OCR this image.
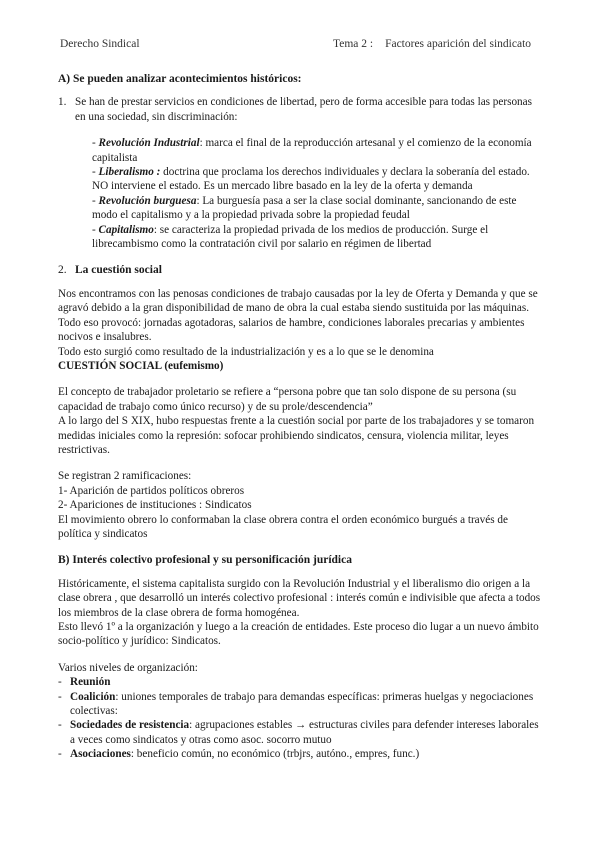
Derecho Sindical	Tema 2 : Factores aparición del sindicato
A) Se pueden analizar acontecimientos históricos:
1. Se han de prestar servicios en condiciones de libertad, pero de forma accesible para todas las personas en una sociedad, sin discriminación:

- Revolución Industrial: marca el final de la reproducción artesanal y el comienzo de la economía capitalista

- Liberalismo : doctrina que proclama los derechos individuales y declara la soberanía del estado. NO interviene el estado. Es un mercado libre basado en la ley de la oferta y demanda

- Revolución burguesa: La burguesía pasa a ser la clase social dominante, sancionando de este modo el capitalismo y a la propiedad privada sobre la propiedad feudal

- Capitalismo: se caracteriza la propiedad privada de los medios de producción. Surge el librecambismo como la contratación civil por salario en régimen de libertad

2. La cuestión social

Nos encontramos con las penosas condiciones de trabajo causadas por la ley de Oferta y Demanda y que se agravó debido a la gran disponibilidad de mano de obra la cual estaba siendo sustituida por las máquinas. Todo eso provocó: jornadas agotadoras, salarios de hambre, condiciones laborales precarias y ambientes nocivos e insalubres.

Todo esto surgió como resultado de la industrialización y es a lo que se le denomina

CUESTIÓN SOCIAL (eufemismo)

El concepto de trabajador proletario se refiere a “persona pobre que tan solo dispone de su persona (su capacidad de trabajo como único recurso) y de su prole/descendencia”

A lo largo del S XIX, hubo respuestas frente a la cuestión social por parte de los trabajadores y se tomaron medidas iniciales como la represión: sofocar prohibiendo sindicatos, censura, violencia militar, leyes restrictivas.

Se registran 2 ramificaciones:

1- Aparición de partidos políticos obreros

2- Apariciones de instituciones : Sindicatos

El movimiento obrero lo conformaban la clase obrera contra el orden económico burgués a través de política y sindicatos

B) Interés colectivo profesional y su personificación jurídica

Históricamente, el sistema capitalista surgido con la Revolución Industrial y el liberalismo dio origen a la clase obrera , que desarrolló un interés colectivo profesional : interés común e indivisible que afecta a todos los miembros de la clase obrera de forma homogénea.

Esto llevó 1º a la organización y luego a la creación de entidades. Este proceso dio lugar a un nuevo ámbito socio-político y jurídico: Sindicatos.

Varios niveles de organización:

- Reunión
- Coalición: uniones temporales de trabajo para demandas específicas: primeras huelgas y negociaciones colectivas:
- Sociedades de resistencia: agrupaciones estables → estructuras civiles para defender intereses laborales a veces como sindicatos y otras como asoc. socorro mutuo
- Asociaciones: beneficio común, no económico (trbjrs, autóno., empres, func.)
